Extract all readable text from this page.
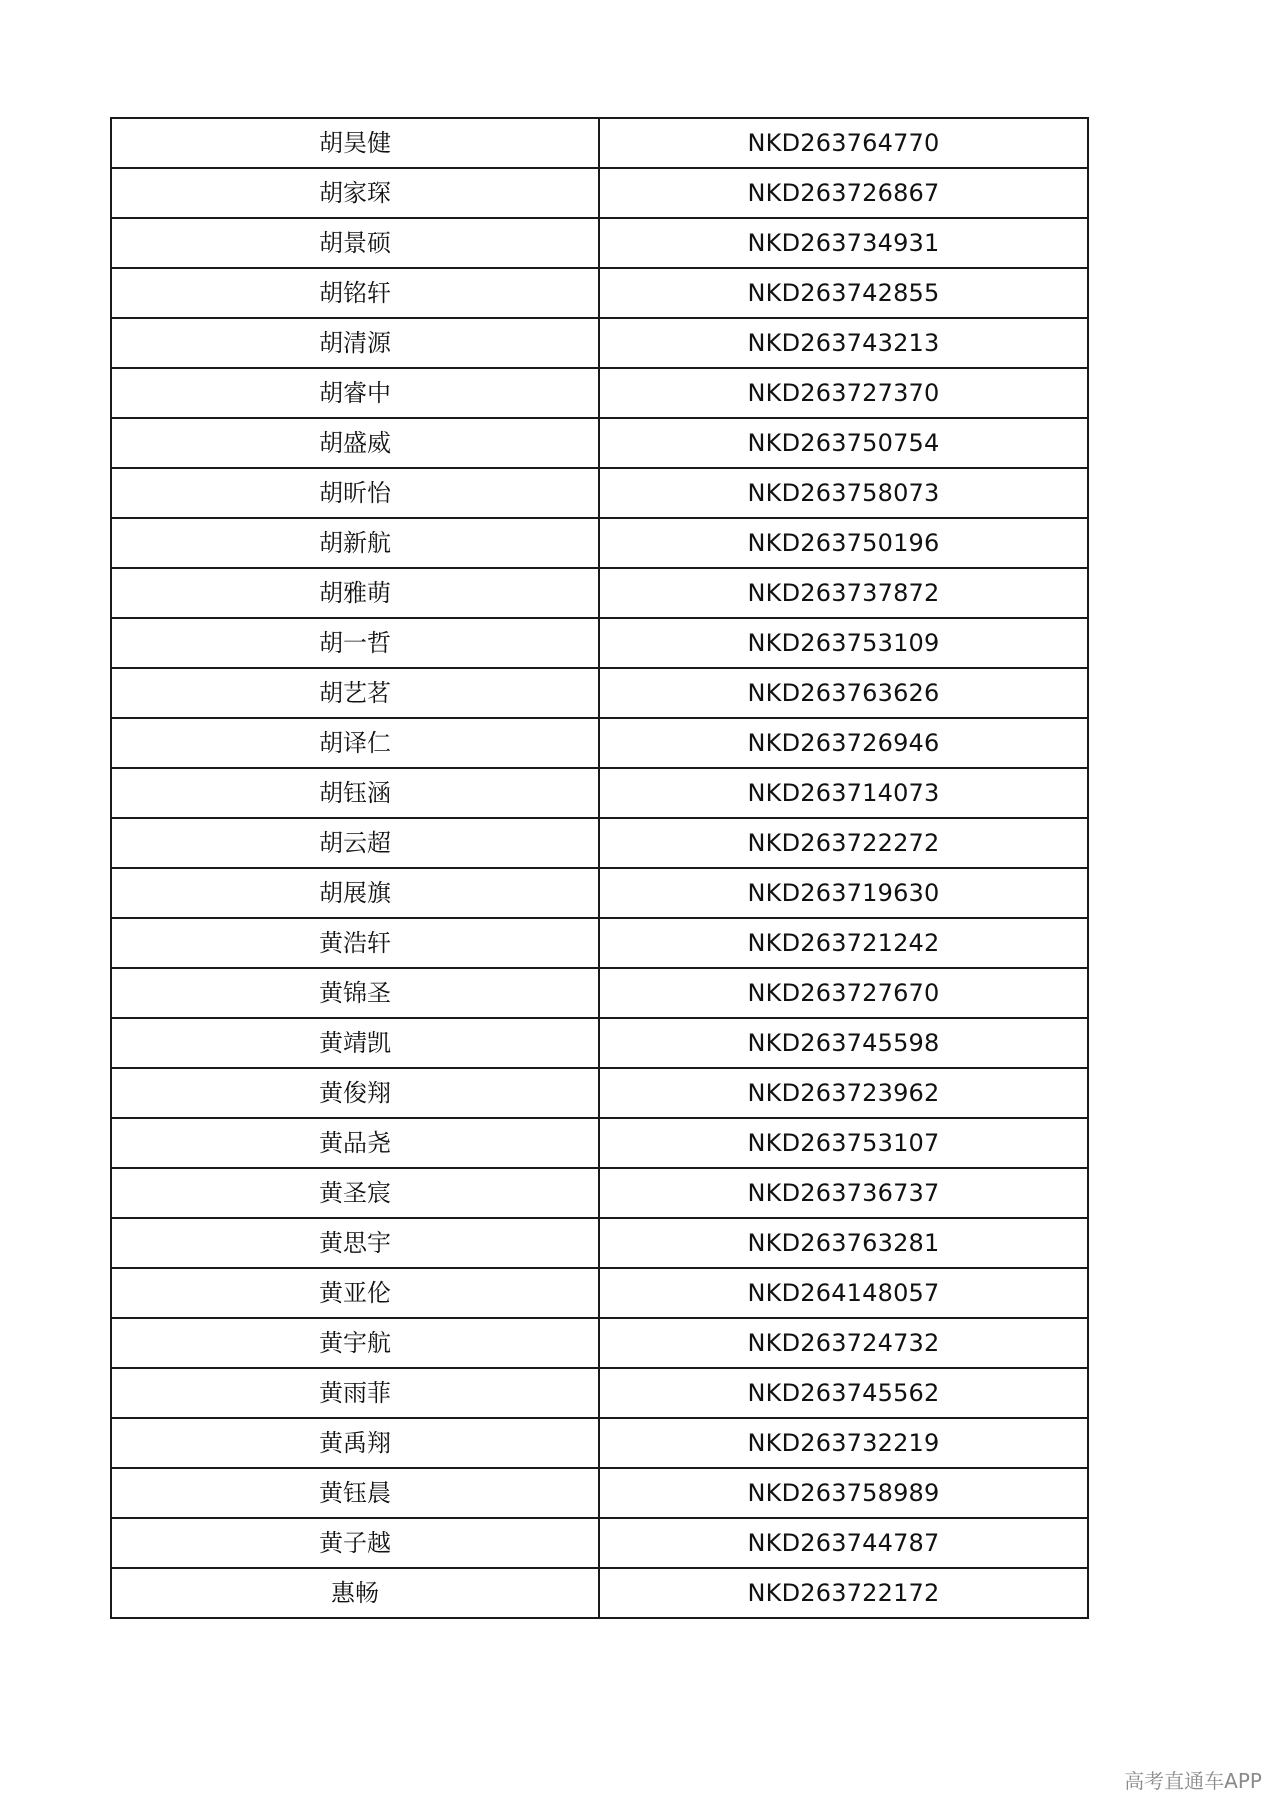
胡昊健	NKD263764770
胡家琛	NKD263726867
胡景硕	NKD263734931
胡铭轩	NKD263742855
胡清源	NKD263743213
胡睿中	NKD263727370
胡盛威	NKD263750754
胡昕怡	NKD263758073
胡新航	NKD263750196
胡雅萌	NKD263737872
胡一哲	NKD263753109
胡艺茗	NKD263763626
胡译仁	NKD263726946
胡钰涵	NKD263714073
胡云超	NKD263722272
胡展旗	NKD263719630
黄浩轩	NKD263721242
黄锦圣	NKD263727670
黄靖凯	NKD263745598
黄俊翔	NKD263723962
黄品尧	NKD263753107
黄圣宸	NKD263736737
黄思宇	NKD263763281
黄亚伦	NKD264148057
黄宇航	NKD263724732
黄雨菲	NKD263745562
黄禹翔	NKD263732219
黄钰晨	NKD263758989
黄子越	NKD263744787
惠畅	NKD263722172
高考直通车APP
